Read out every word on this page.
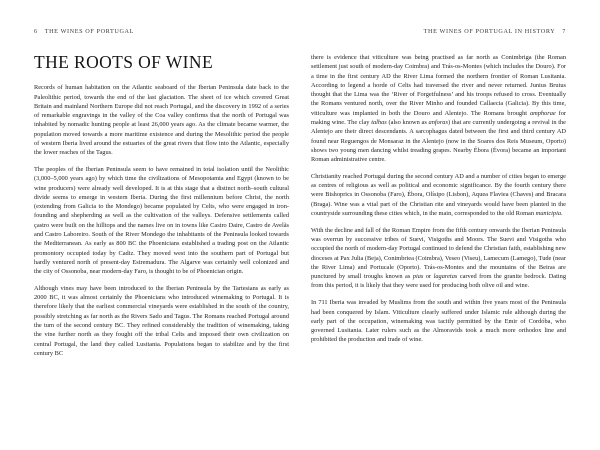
6 THE WINES OF PORTUGAL	THE WINES OF PORTUGAL IN HISTORY 7
THE ROOTS OF WINE

Records of human habitation on the Atlantic seaboard of the Iberian Peninsula date back to the Paleolithic period, towards the end of the last glaciation. The sheet of ice which covered Great Britain and mainland Northern Europe did not reach Portugal, and the discovery in 1992 of a series of remarkable engravings in the valley of the Coa valley confirms that the north of Portugal was inhabited by nomadic hunting people at least 26,000 years ago. As the climate became warmer, the population moved towards a more maritime existence and during the Mesolithic period the people of western Iberia lived around the estuaries of the great rivers that flow into the Atlantic, especially the lower reaches of the Tagus.

The peoples of the Iberian Peninsula seem to have remained in total isolation until the Neolithic (3,000–5,000 years ago) by which time the civilizations of Mesopotamia and Egypt (known to be wine producers) were already well developed. It is at this stage that a distinct north–south cultural divide seems to emerge in western Iberia. During the first millennium before Christ, the north (extending from Galicia to the Mondego) became populated by Celts, who were engaged in iron-founding and shepherding as well as the cultivation of the valleys. Defensive settlements called çastro were built on the hilltops and the names live on in towns like Castro Daire, Castro de Avelãs and Castro Laboreiro. South of the River Mondego the inhabitants of the Peninsula looked towards the Mediterranean. As early as 800 BC the Phoenicians established a trading post on the Atlantic promontory occupied today by Cadiz. They moved west into the southern part of Portugal but hardly ventured north of present-day Estremadura. The Algarve was certainly well colonized and the city of Ossonoba, near modern-day Faro, is thought to be of Phoenician origin.

Although vines may have been introduced to the Iberian Peninsula by the Tartesians as early as 2000 BC, it was almost certainly the Phoenicians who introduced winemaking to Portugal. It is therefore likely that the earliest commercial vineyards were established in the south of the country, possibly stretching as far north as the Rivers Sado and Tagus. The Romans reached Portugal around the turn of the second century BC. They refined considerably the tradition of winemaking, taking the vine further north as they fought off the tribal Celts and imposed their own civilization on central Portugal, the land they called Lusitania. Populations began to stabilize and by the first century BC

there is evidence that viticulture was being practised as far north as Conimbriga (the Roman settlement just south of modern-day Coimbra) and Trás-os-Montes (which includes the Douro). For a time in the first century AD the River Lima formed the northern frontier of Roman Lusitania. According to legend a horde of Celts had traversed the river and never returned. Junius Brutus thought that the Lima was the ‘River of Forgetfulness’ and his troops refused to cross. Eventually the Romans ventured north, over the River Minho and founded Callaecia (Galicia). By this time, viticulture was implanted in both the Douro and Alentejo. The Romans brought amphorae for making wine. The clay talhas (also known as anforas) that are currently undergoing a revival in the Alentejo are their direct descendants. A sarcophagus dated between the first and third century AD found near Reguengos de Monsaraz in the Alentejo (now in the Soares dos Reis Museum, Oporto) shows two young men dancing whilst treading grapes. Nearby Ébora (Évora) became an important Roman administrative centre.

Christianity reached Portugal during the second century AD and a number of cities began to emerge as centres of religious as well as political and economic significance. By the fourth century there were Bishoprics in Ossonoba (Faro), Ébora, Olísipo (Lisbon), Aquea Flaviea (Chaves) and Bracara (Braga). Wine was a vital part of the Christian rite and vineyards would have been planted in the countryside surrounding these cities which, in the main, corresponded to the old Roman municipia.

With the decline and fall of the Roman Empire from the fifth century onwards the Iberian Peninsula was overrun by successive tribes of Suevi, Visigoths and Moors. The Suevi and Visigoths who occupied the north of modern-day Portugal continued to defend the Christian faith, establishing new dioceses at Pax Julia (Beja), Conimbriea (Coimbra), Veseo (Viseu), Lamecum (Lamego), Tude (near the River Lima) and Portucale (Oporto). Trás-os-Montes and the mountains of the Beiras are punctured by small troughs known as pias or lagaretas carved from the granite bedrock. Dating from this period, it is likely that they were used for producing both olive oil and wine.

In 711 Iberia was invaded by Muslims from the south and within five years most of the Peninsula had been conquered by Islam. Viticulture clearly suffered under Islamic rule although during the early part of the occupation, winemaking was tacitly permitted by the Emir of Cordóba, who governed Lusitania. Later rulers such as the Almoravids took a much more orthodox line and prohibited the production and trade of wine.
